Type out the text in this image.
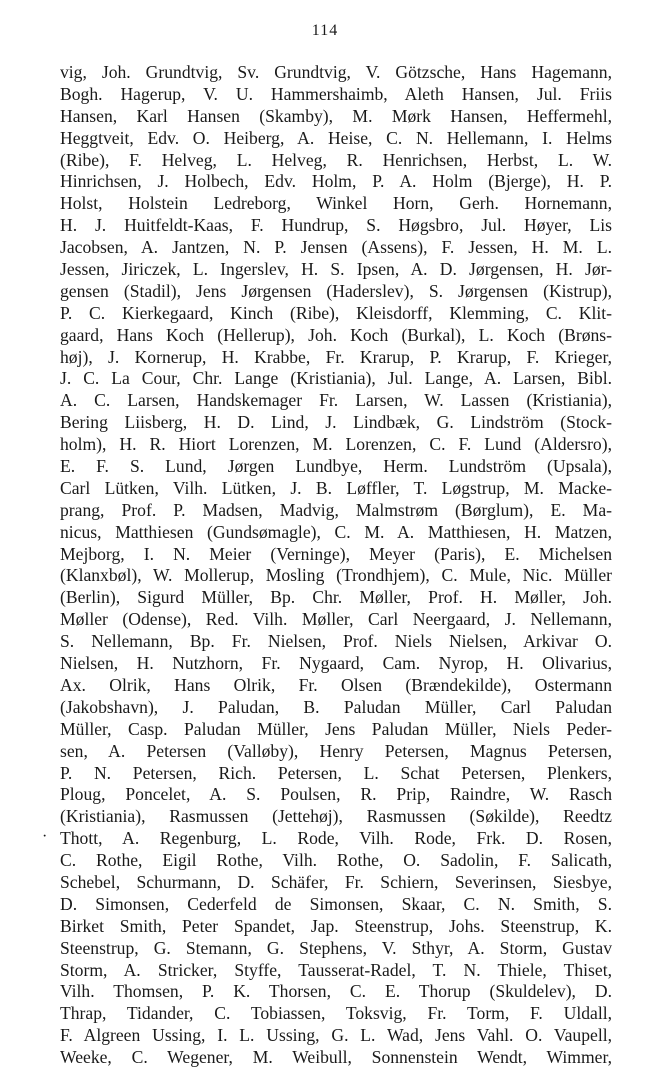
114
·
vig, Joh. Grundtvig, Sv. Grundtvig, V. Götzsche, Hans Hagemann,
Bogh. Hagerup, V. U. Hammershaimb, Aleth Hansen, Jul. Friis
Hansen, Karl Hansen (Skamby), M. Mørk Hansen, Heffermehl,
Heggtveit, Edv. O. Heiberg, A. Heise, C. N. Hellemann, I. Helms
(Ribe), F. Helveg, L. Helveg, R. Henrichsen, Herbst, L. W.
Hinrichsen, J. Holbech, Edv. Holm, P. A. Holm (Bjerge), H. P.
Holst, Holstein Ledreborg, Winkel Horn, Gerh. Hornemann,
H. J. Huitfeldt-Kaas, F. Hundrup, S. Høgsbro, Jul. Høyer, Lis
Jacobsen, A. Jantzen, N. P. Jensen (Assens), F. Jessen, H. M. L.
Jessen, Jiriczek, L. Ingerslev, H. S. Ipsen, A. D. Jørgensen, H. Jør-
gensen (Stadil), Jens Jørgensen (Haderslev), S. Jørgensen (Kistrup),
P. C. Kierkegaard, Kinch (Ribe), Kleisdorff, Klemming, C. Klit-
gaard, Hans Koch (Hellerup), Joh. Koch (Burkal), L. Koch (Brøns-
høj), J. Kornerup, H. Krabbe, Fr. Krarup, P. Krarup, F. Krieger,
J. C. La Cour, Chr. Lange (Kristiania), Jul. Lange, A. Larsen, Bibl.
A. C. Larsen, Handskemager Fr. Larsen, W. Lassen (Kristiania),
Bering Liisberg, H. D. Lind, J. Lindbæk, G. Lindström (Stock-
holm), H. R. Hiort Lorenzen, M. Lorenzen, C. F. Lund (Aldersro),
E. F. S. Lund, Jørgen Lundbye, Herm. Lundström (Upsala),
Carl Lütken, Vilh. Lütken, J. B. Løffler, T. Løgstrup, M. Macke-
prang, Prof. P. Madsen, Madvig, Malmstrøm (Børglum), E. Ma-
nicus, Matthiesen (Gundsømagle), C. M. A. Matthiesen, H. Matzen,
Mejborg, I. N. Meier (Verninge), Meyer (Paris), E. Michelsen
(Klanxbøl), W. Mollerup, Mosling (Trondhjem), C. Mule, Nic. Müller
(Berlin), Sigurd Müller, Bp. Chr. Møller, Prof. H. Møller, Joh.
Møller (Odense), Red. Vilh. Møller, Carl Neergaard, J. Nellemann,
S. Nellemann, Bp. Fr. Nielsen, Prof. Niels Nielsen, Arkivar O.
Nielsen, H. Nutzhorn, Fr. Nygaard, Cam. Nyrop, H. Olivarius,
Ax. Olrik, Hans Olrik, Fr. Olsen (Brændekilde), Ostermann
(Jakobshavn), J. Paludan, B. Paludan Müller, Carl Paludan
Müller, Casp. Paludan Müller, Jens Paludan Müller, Niels Peder-
sen, A. Petersen (Valløby), Henry Petersen, Magnus Petersen,
P. N. Petersen, Rich. Petersen, L. Schat Petersen, Plenkers,
Ploug, Poncelet, A. S. Poulsen, R. Prip, Raindre, W. Rasch
(Kristiania), Rasmussen (Jettehøj), Rasmussen (Søkilde), Reedtz
Thott, A. Regenburg, L. Rode, Vilh. Rode, Frk. D. Rosen,
C. Rothe, Eigil Rothe, Vilh. Rothe, O. Sadolin, F. Salicath,
Schebel, Schurmann, D. Schäfer, Fr. Schiern, Severinsen, Siesbye,
D. Simonsen, Cederfeld de Simonsen, Skaar, C. N. Smith, S.
Birket Smith, Peter Spandet, Jap. Steenstrup, Johs. Steenstrup, K.
Steenstrup, G. Stemann, G. Stephens, V. Sthyr, A. Storm, Gustav
Storm, A. Stricker, Styffe, Tausserat-Radel, T. N. Thiele, Thiset,
Vilh. Thomsen, P. K. Thorsen, C. E. Thorup (Skuldelev), D.
Thrap, Tidander, C. Tobiassen, Toksvig, Fr. Torm, F. Uldall,
F. Algreen Ussing, I. L. Ussing, G. L. Wad, Jens Vahl. O. Vaupell,
Weeke, C. Wegener, M. Weibull, Sonnenstein Wendt, Wimmer,
